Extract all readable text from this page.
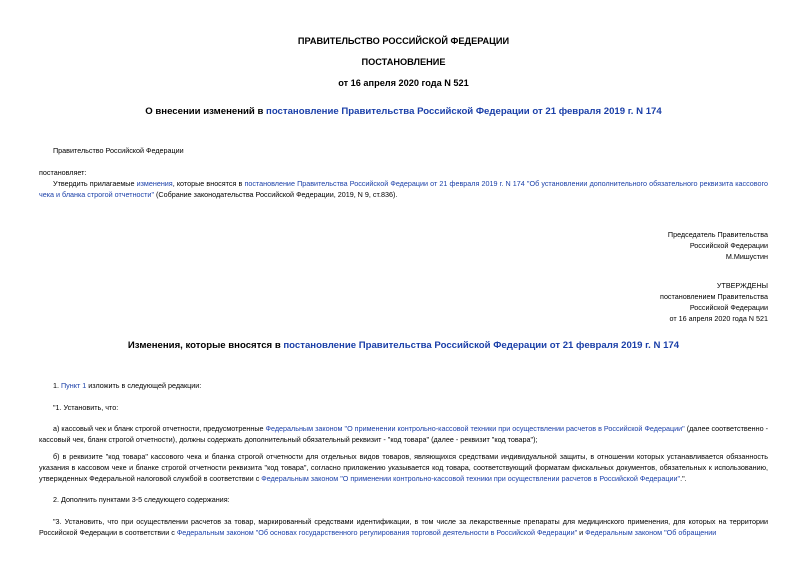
ПРАВИТЕЛЬСТВО РОССИЙСКОЙ ФЕДЕРАЦИИ
ПОСТАНОВЛЕНИЕ
от 16 апреля 2020 года N 521
О внесении изменений в постановление Правительства Российской Федерации от 21 февраля 2019 г. N 174
Правительство Российской Федерации
постановляет:
Утвердить прилагаемые изменения, которые вносятся в постановление Правительства Российской Федерации от 21 февраля 2019 г. N 174 "Об установлении дополнительного обязательного реквизита кассового чека и бланка строгой отчетности" (Собрание законодательства Российской Федерации, 2019, N 9, ст.836).
Председатель Правительства
Российской Федерации
М.Мишустин
УТВЕРЖДЕНЫ
постановлением Правительства
Российской Федерации
от 16 апреля 2020 года N 521
Изменения, которые вносятся в постановление Правительства Российской Федерации от 21 февраля 2019 г. N 174
1. Пункт 1 изложить в следующей редакции:
"1. Установить, что:
а) кассовый чек и бланк строгой отчетности, предусмотренные Федеральным законом "О применении контрольно-кассовой техники при осуществлении расчетов в Российской Федерации" (далее соответственно - кассовый чек, бланк строгой отчетности), должны содержать дополнительный обязательный реквизит - "код товара" (далее - реквизит "код товара");
б) в реквизите "код товара" кассового чека и бланка строгой отчетности для отдельных видов товаров, являющихся средствами индивидуальной защиты, в отношении которых устанавливается обязанность указания в кассовом чеке и бланке строгой отчетности реквизита "код товара", согласно приложению указывается код товара, соответствующий форматам фискальных документов, обязательных к использованию, утвержденных Федеральной налоговой службой в соответствии с Федеральным законом "О применении контрольно-кассовой техники при осуществлении расчетов в Российской Федерации".".
2. Дополнить пунктами 3-5 следующего содержания:
"3. Установить, что при осуществлении расчетов за товар, маркированный средствами идентификации, в том числе за лекарственные препараты для медицинского применения, для которых на территории Российской Федерации в соответствии с Федеральным законом "Об основах государственного регулирования торговой деятельности в Российской Федерации" и Федеральным законом "Об обращении
